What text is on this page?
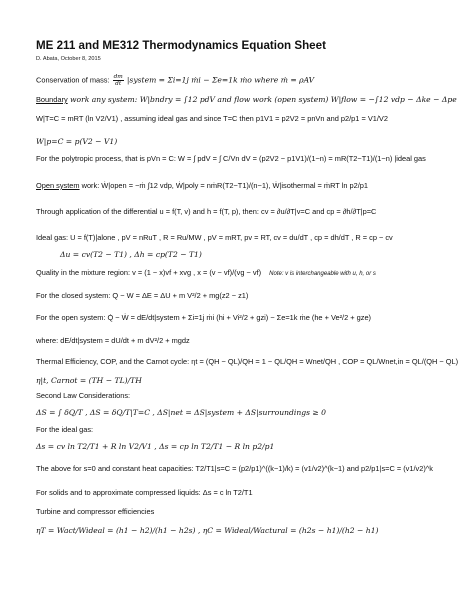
ME 211 and ME312 Thermodynamics Equation Sheet
D. Abata, October 8, 2015
Conservation of mass: $\frac{dm}{dt}$ |system = Σi=1j ṁi − Σe=1k ṁo where ṁ = ρAV
Boundary work any system: W|bndry = ∫12 pdV and flow work (open system) W|flow = −∫12 vdp − Δke − Δpe
W|T=C = mRT (ln V2/V1) , assuming ideal gas and since T=C then p1V1 = p2V2 = pnVn and p2/p1 = V1/V2
W|p=C = p(V2 − V1)
For the polytropic process, that is pVn = C: W = ∫ pdV = ∫ C/Vn dV = (p2V2 − p1V1)/(1−n) = mR(T2−T1)/(1−n) |ideal gas
Open system work: Ẇ|open = −ṁ ∫12 vdp, Ẇ|poly = nṁR(T2−T1)/(n−1), Ẇ|isothermal = ṁRT ln p2/p1
Through application of the differential u = f(T, v) and h = f(T, p), then: cv = ∂u/∂T|v=C and cp = ∂h/∂T|p=C
Ideal gas: U = f(T)|alone , pV = nRuT , R = Ru/MW , pV = mRT, pv = RT, cv = du/dT , cp = dh/dT , R = cp − cv
Δu = cv(T2 − T1) , Δh = cp(T2 − T1)
Quality in the mixture region: v = (1 − x)vf + xvg , x = (v − vf)/(vg − vf) Note: v is interchangeable with u, h, or s
For the closed system: Q − W = ΔE = ΔU + m V²/2 + mg(z2 − z1)
For the open system: Q̇ − Ẇ = dE/dt|system + Σi=1j ṁi (hi + Vi²/2 + gzi) − Σe=1k ṁe (he + Ve²/2 + gze)
where: dE/dt|system = dU/dt + m dV²/2 + mgdz
Thermal Efficiency, COP, and the Carnot cycle: ηt = (QH − QL)/QH = 1 − QL/QH = Wnet/QH , COP = QL/Wnet,in = QL/(QH − QL)
η|t, Carnot = (TH − TL)/TH
Second Law Considerations:
ΔS = ∫ δQ/T , ΔS = δQ/T|T=C , ΔS|net = ΔS|system + ΔS|surroundings ≥ 0
For the ideal gas:
Δs = cv ln T2/T1 + R ln V2/V1 , Δs = cp ln T2/T1 − R ln p2/p1
The above for s=0 and constant heat capacities: T2/T1|s=C = (p2/p1)^((k−1)/k) = (v1/v2)^(k−1) and p2/p1|s=C = (v1/v2)^k
For solids and to approximate compressed liquids: Δs = c ln T2/T1
Turbine and compressor efficiencies
ηT = Wact/Wideal = (h1 − h2)/(h1 − h2s) , ηC = Wideal/Wactural = (h2s − h1)/(h2 − h1)
